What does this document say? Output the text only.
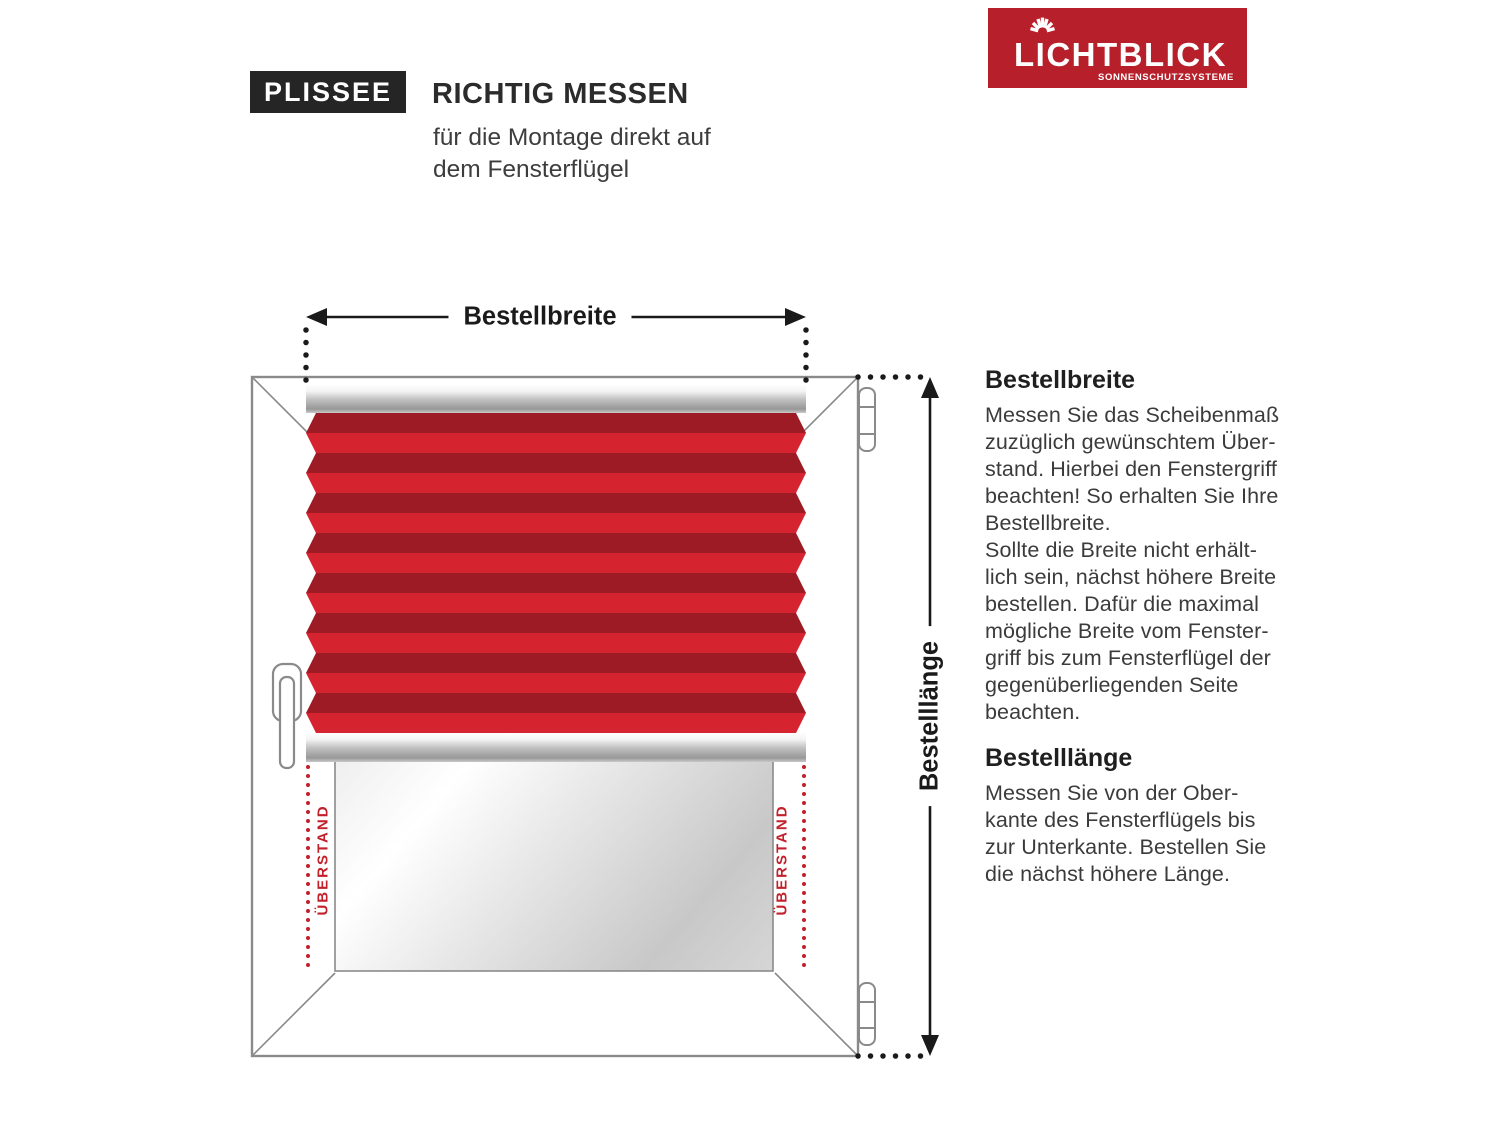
PLISSEE	RICHTIG MESSEN
für die Montage direkt auf
dem Fensterflügel
LICHTBLICK
SONNENSCHUTZSYSTEME
Bestellbreite
Bestelllänge
ÜBERSTAND	ÜBERSTAND
Bestellbreite
Messen Sie das Scheibenmaß
zuzüglich gewünschtem Über-
stand. Hierbei den Fenstergriff
beachten! So erhalten Sie Ihre
Bestellbreite.
Sollte die Breite nicht erhält-
lich sein, nächst höhere Breite
bestellen. Dafür die maximal
mögliche Breite vom Fenster-
griff bis zum Fensterflügel der
gegenüberliegenden Seite
beachten.
Bestelllänge
Messen Sie von der Ober-
kante des Fensterflügels bis
zur Unterkante. Bestellen Sie
die nächst höhere Länge.
